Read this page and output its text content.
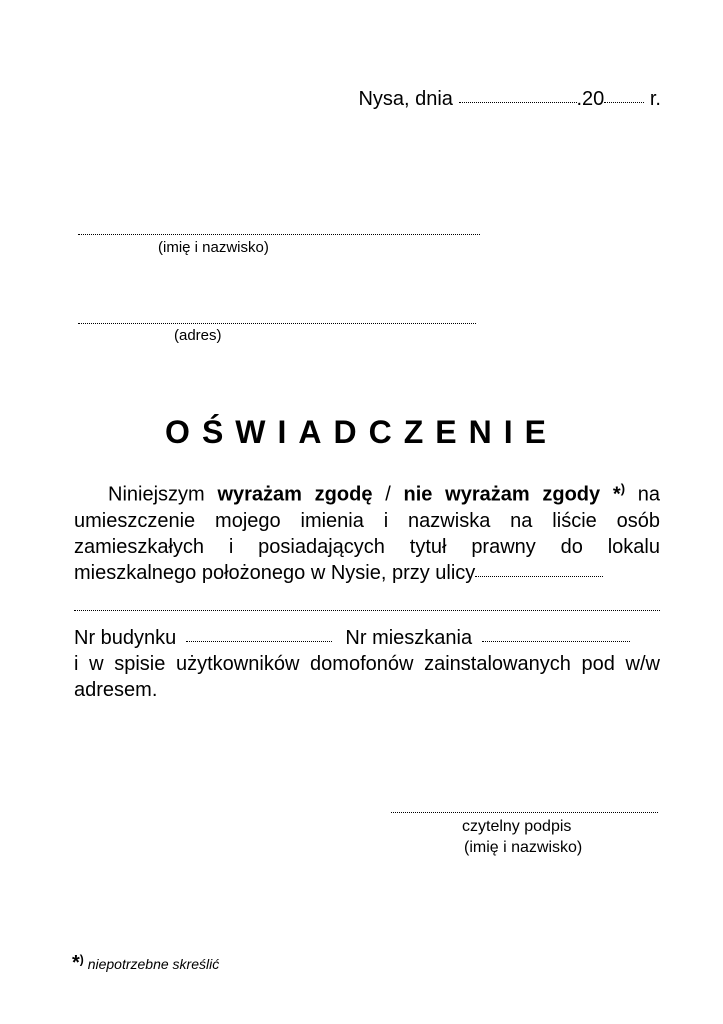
Nysa, dnia	.20 r.
(imię i nazwisko)
(adres)
OŚWIADCZENIE

Niniejszym wyrażam zgodę / nie wyrażam zgody *) na umieszczenie mojego imienia i nazwiska na liście osób zamieszkałych i posiadających tytuł prawny do lokalu mieszkalnego położonego w Nysie, przy ulicy

Nr budynku	Nr mieszkania

i w spisie użytkowników domofonów zainstalowanych pod w/w adresem.

czytelny podpis
(imię i nazwisko)
*) niepotrzebne skreślić
